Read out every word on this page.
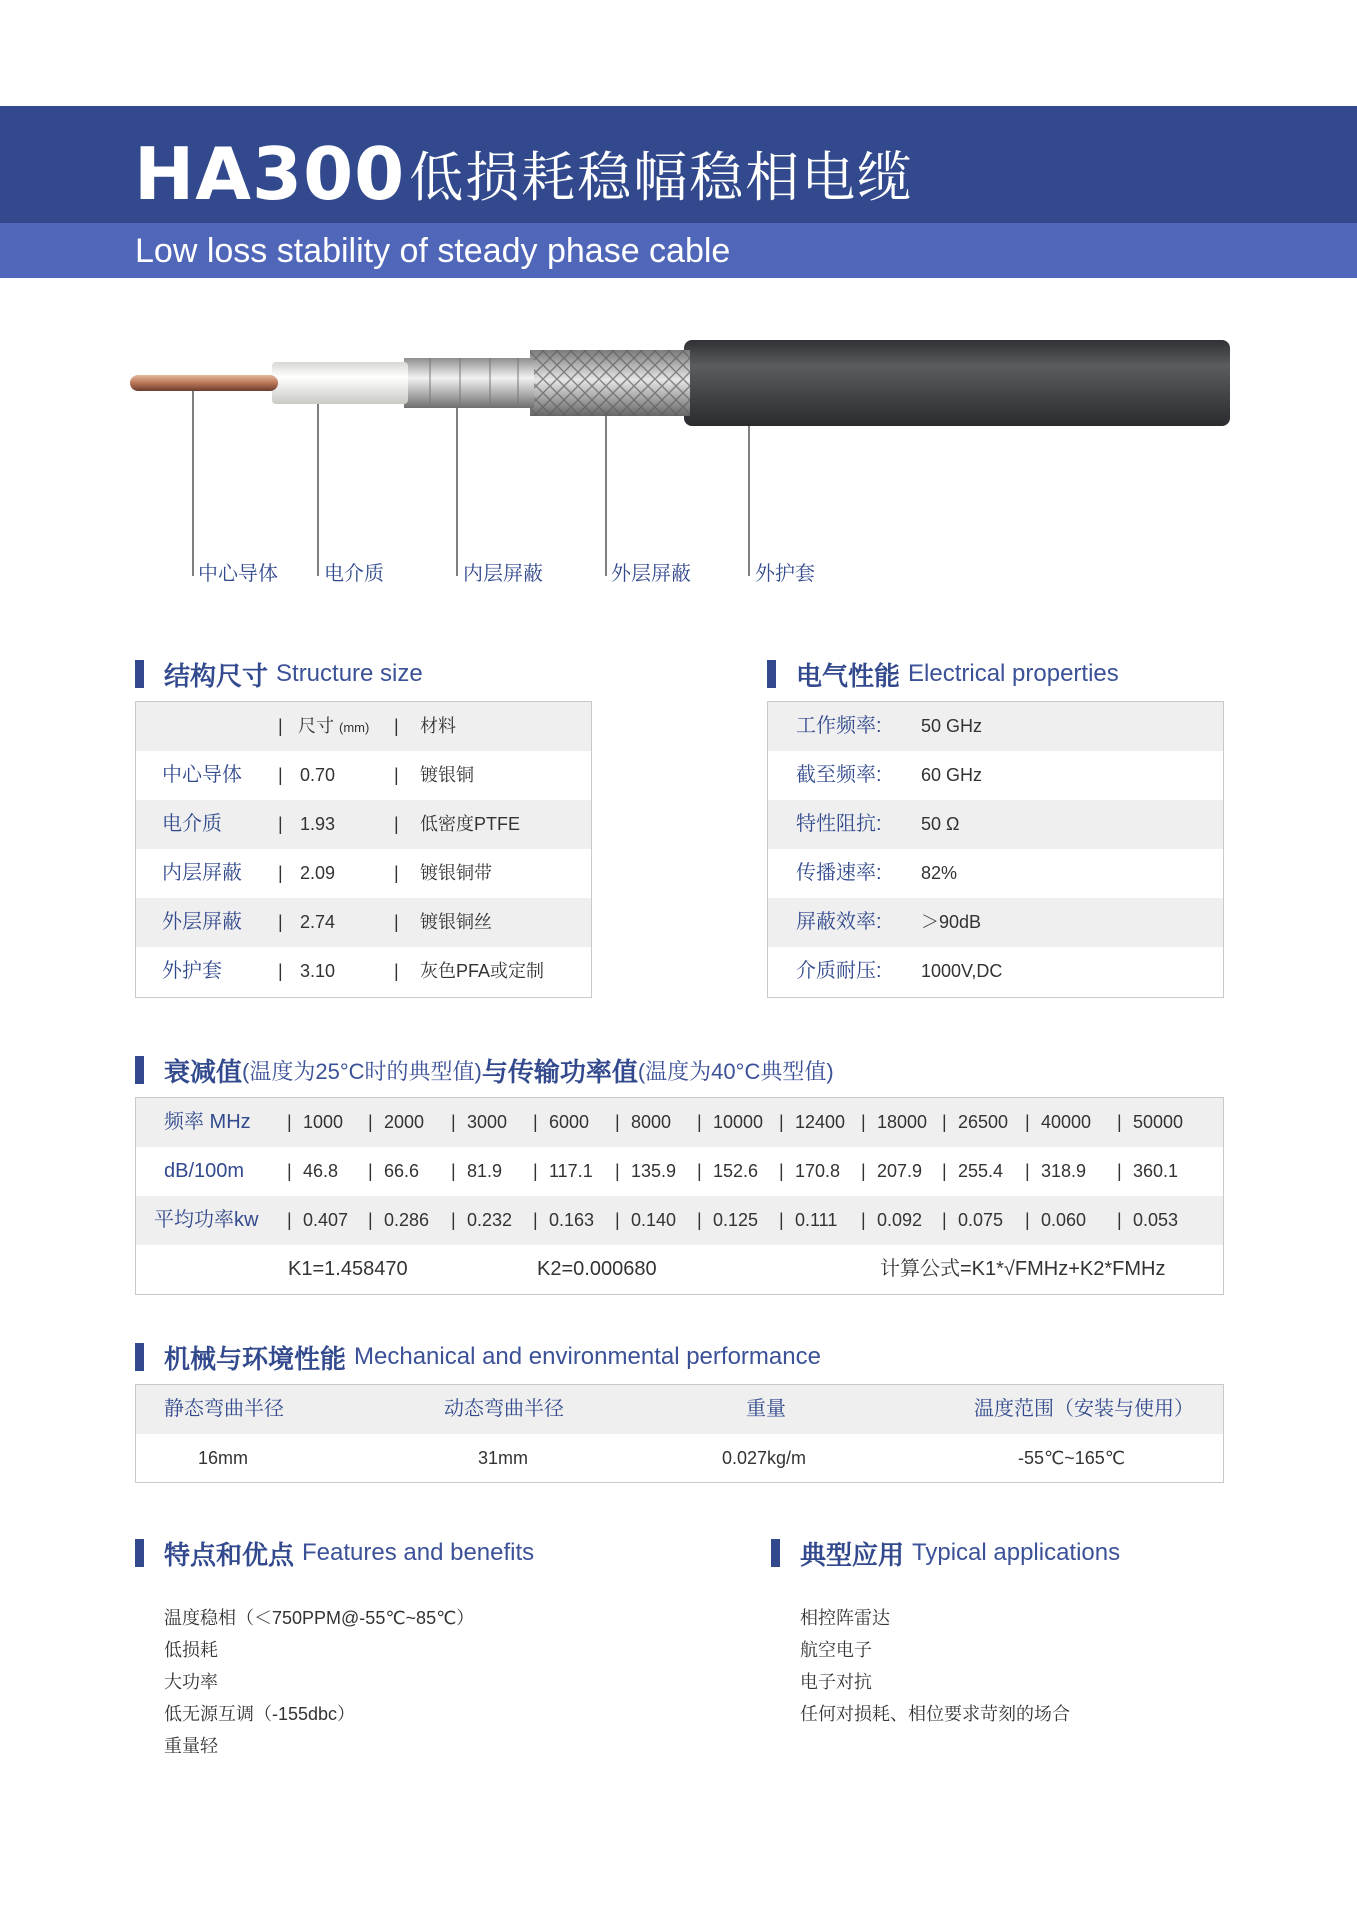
HA300 低损耗稳幅稳相电缆
Low loss stability of steady phase cable
中心导体 电介质	内层屏蔽	外层屏蔽	外护套
结构尺寸 Structure size
| 尺寸 (mm) | 材料
中心导体 | 0.70	| 镀银铜
电介质	| 1.93	| 低密度PTFE
内层屏蔽 | 2.09	| 镀银铜带
外层屏蔽 | 2.74	| 镀银铜丝
外护套	| 3.10	| 灰色PFA或定制
电气性能 Electrical properties
工作频率: 50 GHz
截至频率: 60 GHz
特性阻抗: 50 Ω
传播速率: 82%
屏蔽效率: ＞90dB
介质耐压: 1000V,DC
衰减值 (温度为25°C时的典型值) 与传输功率值 (温度为40°C典型值)
频率 MHz | 1000 | 2000 | 3000 | 6000 | 8000 | 10000 | 12400 | 18000 | 26500 | 40000 | 50000
dB/100m | 46.8 | 66.6 | 81.9 | 117.1 | 135.9 | 152.6 | 170.8 | 207.9 | 255.4 | 318.9 | 360.1
平均功率kw | 0.407 | 0.286 | 0.232 | 0.163 | 0.140 | 0.125 | 0.111 | 0.092 | 0.075 | 0.060 | 0.053
K1=1.458470	K2=0.000680	计算公式=K1*√FMHz+K2*FMHz
机械与环境性能 Mechanical and environmental performance
静态弯曲半径	动态弯曲半径	重量	温度范围（安装与使用）
16mm	31mm	0.027kg/m	-55℃~165℃
特点和优点 Features and benefits
温度稳相（＜750PPM@-55℃~85℃）
低损耗
大功率
低无源互调（-155dbc）
重量轻
典型应用 Typical applications
相控阵雷达
航空电子
电子对抗
任何对损耗、相位要求苛刻的场合
